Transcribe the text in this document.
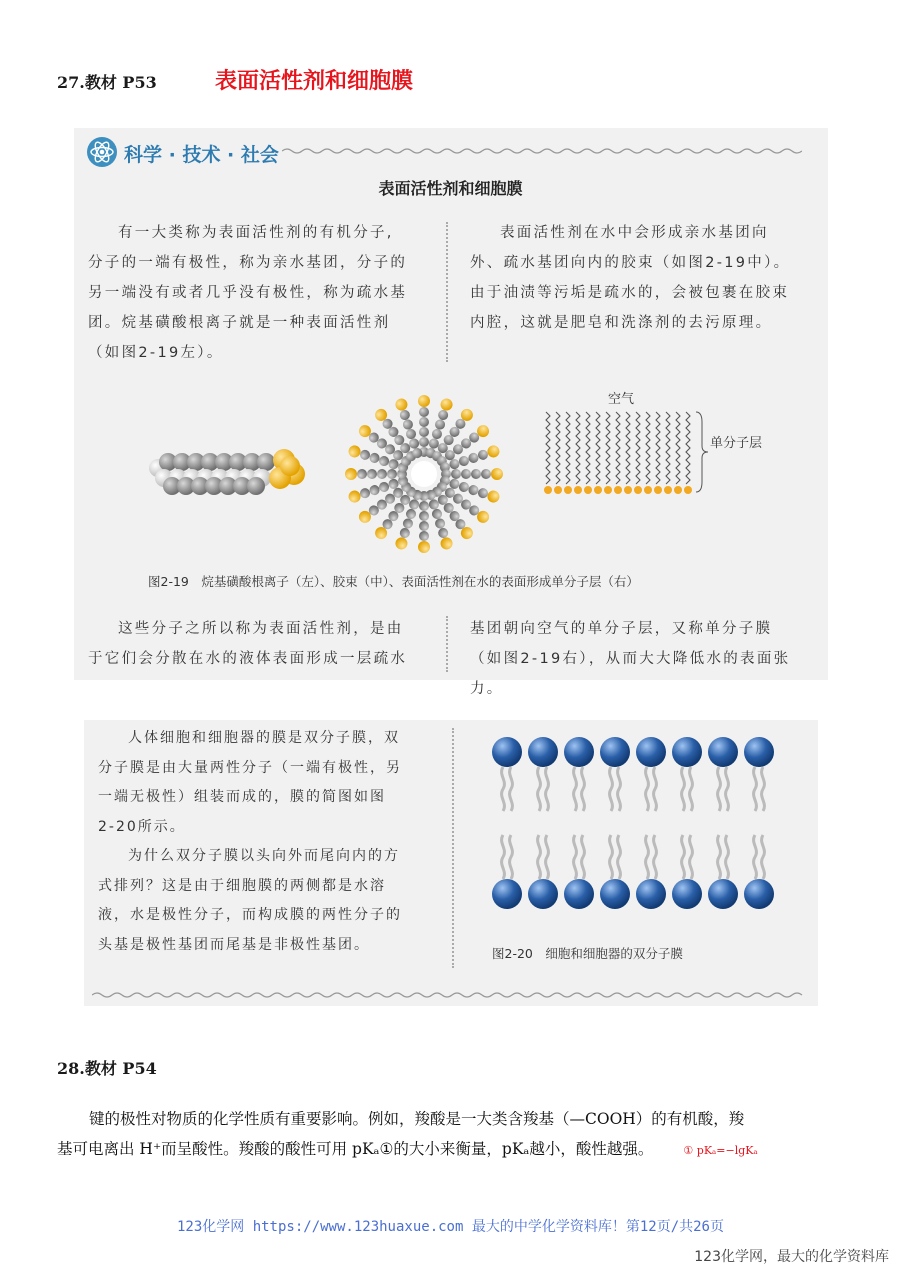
27.教材 P53	表面活性剂和细胞膜
科学 · 技术 · 社会
表面活性剂和细胞膜
有一大类称为表面活性剂的有机分子,
分子的一端有极性，称为亲水基团，分子的
另一端没有或者几乎没有极性，称为疏水基
团。烷基磺酸根离子就是一种表面活性剂
（如图2-19左）。
表面活性剂在水中会形成亲水基团向
外、疏水基团向内的胶束（如图2-19中）。
由于油渍等污垢是疏水的，会被包裹在胶束
内腔，这就是肥皂和洗涤剂的去污原理。
空气
单分子层
图2-19　烷基磺酸根离子（左）、胶束（中）、表面活性剂在水的表面形成单分子层（右）
这些分子之所以称为表面活性剂，是由
于它们会分散在水的液体表面形成一层疏水
基团朝向空气的单分子层，又称单分子膜
（如图2-19右），从而大大降低水的表面张力。
人体细胞和细胞器的膜是双分子膜，双
分子膜是由大量两性分子（一端有极性，另
一端无极性）组装而成的，膜的简图如图
2-20所示。
为什么双分子膜以头向外而尾向内的方
式排列？这是由于细胞膜的两侧都是水溶
液，水是极性分子，而构成膜的两性分子的
头基是极性基团而尾基是非极性基团。
图2-20　细胞和细胞器的双分子膜
28.教材 P54
键的极性对物质的化学性质有重要影响。例如，羧酸是一大类含羧基（—COOH）的有机酸，羧
基可电离出 H⁺而呈酸性。羧酸的酸性可用 pKₐ①的大小来衡量，pKₐ越小，酸性越强。	① pKₐ=−lgKₐ
123化学网 https://www.123huaxue.com 最大的中学化学资料库！第12页/共26页
123化学网，最大的化学资料库
